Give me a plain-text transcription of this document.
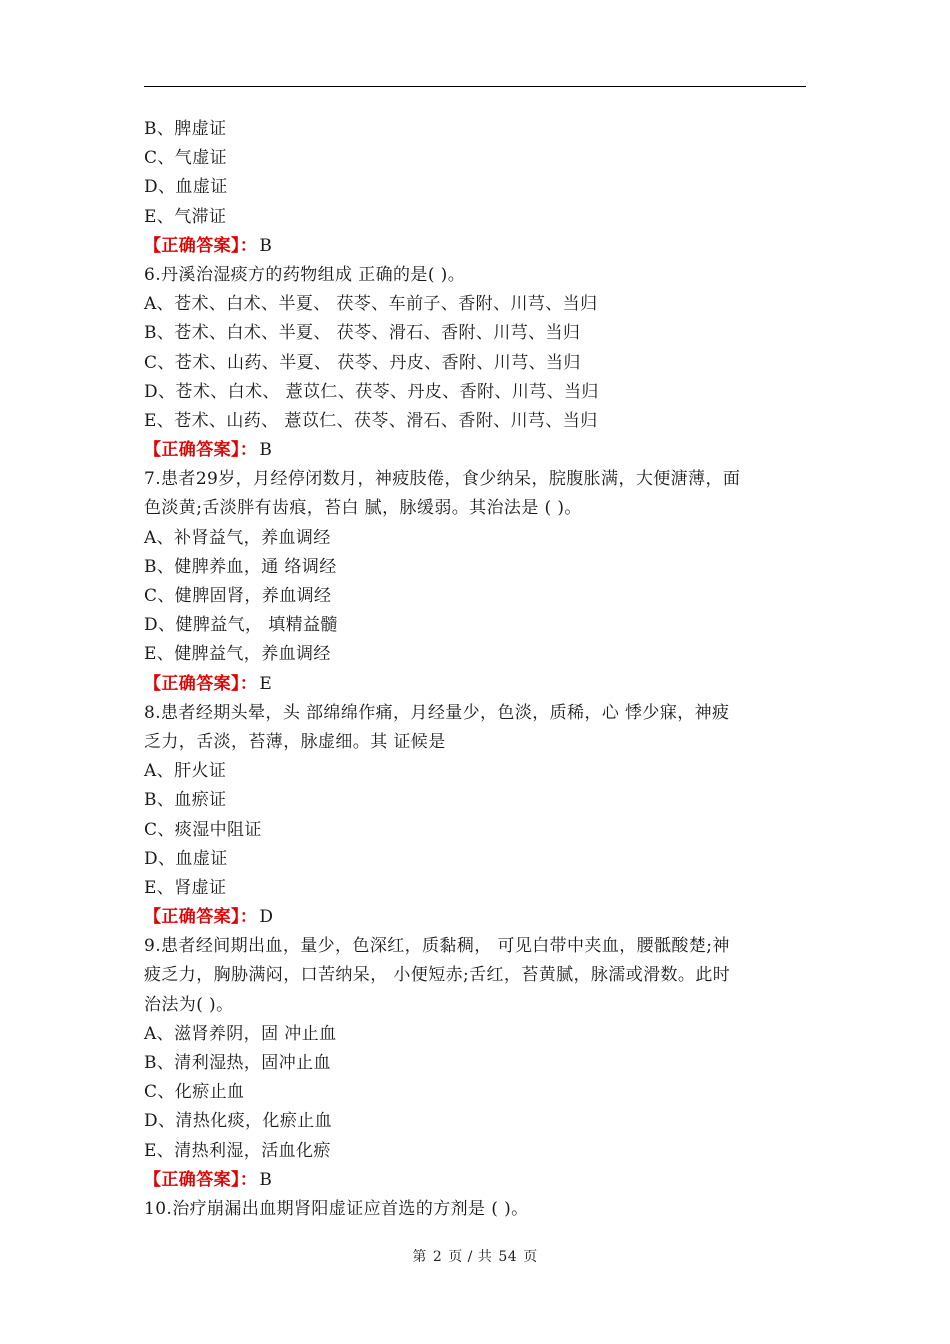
B、脾虚证
C、气虚证
D、血虚证
E、气滞证
【正确答案】： B
6.丹溪治湿痰方的药物组成 正确的是( )。
A、苍术、白术、半夏、 茯苓、车前子、香附、川芎、当归
B、苍术、白术、半夏、 茯苓、滑石、香附、川芎、当归
C、苍术、山药、半夏、 茯苓、丹皮、香附、川芎、当归
D、苍术、白术、 薏苡仁、茯苓、丹皮、香附、川芎、当归
E、苍术、山药、 薏苡仁、茯苓、滑石、香附、川芎、当归
【正确答案】： B
7.患者29岁，月经停闭数月，神疲肢倦，食少纳呆，脘腹胀满，大便溏薄，面
色淡黄;舌淡胖有齿痕，苔白 腻，脉缓弱。其治法是 ( )。
A、补肾益气，养血调经
B、健脾养血，通 络调经
C、健脾固肾，养血调经
D、健脾益气， 填精益髓
E、健脾益气，养血调经
【正确答案】： E
8.患者经期头晕，头 部绵绵作痛，月经量少，色淡，质稀，心 悸少寐，神疲
乏力，舌淡，苔薄，脉虚细。其 证候是
A、肝火证
B、血瘀证
C、痰湿中阻证
D、血虚证
E、肾虚证
【正确答案】： D
9.患者经间期出血，量少，色深红，质黏稠， 可见白带中夹血，腰骶酸楚;神
疲乏力，胸胁满闷，口苦纳呆， 小便短赤;舌红，苔黄腻，脉濡或滑数。此时
治法为( )。
A、滋肾养阴，固 冲止血
B、清利湿热，固冲止血
C、化瘀止血
D、清热化痰，化瘀止血
E、清热利湿，活血化瘀
【正确答案】： B
10.治疗崩漏出血期肾阳虚证应首选的方剂是 ( )。
第 2 页 / 共 54 页
